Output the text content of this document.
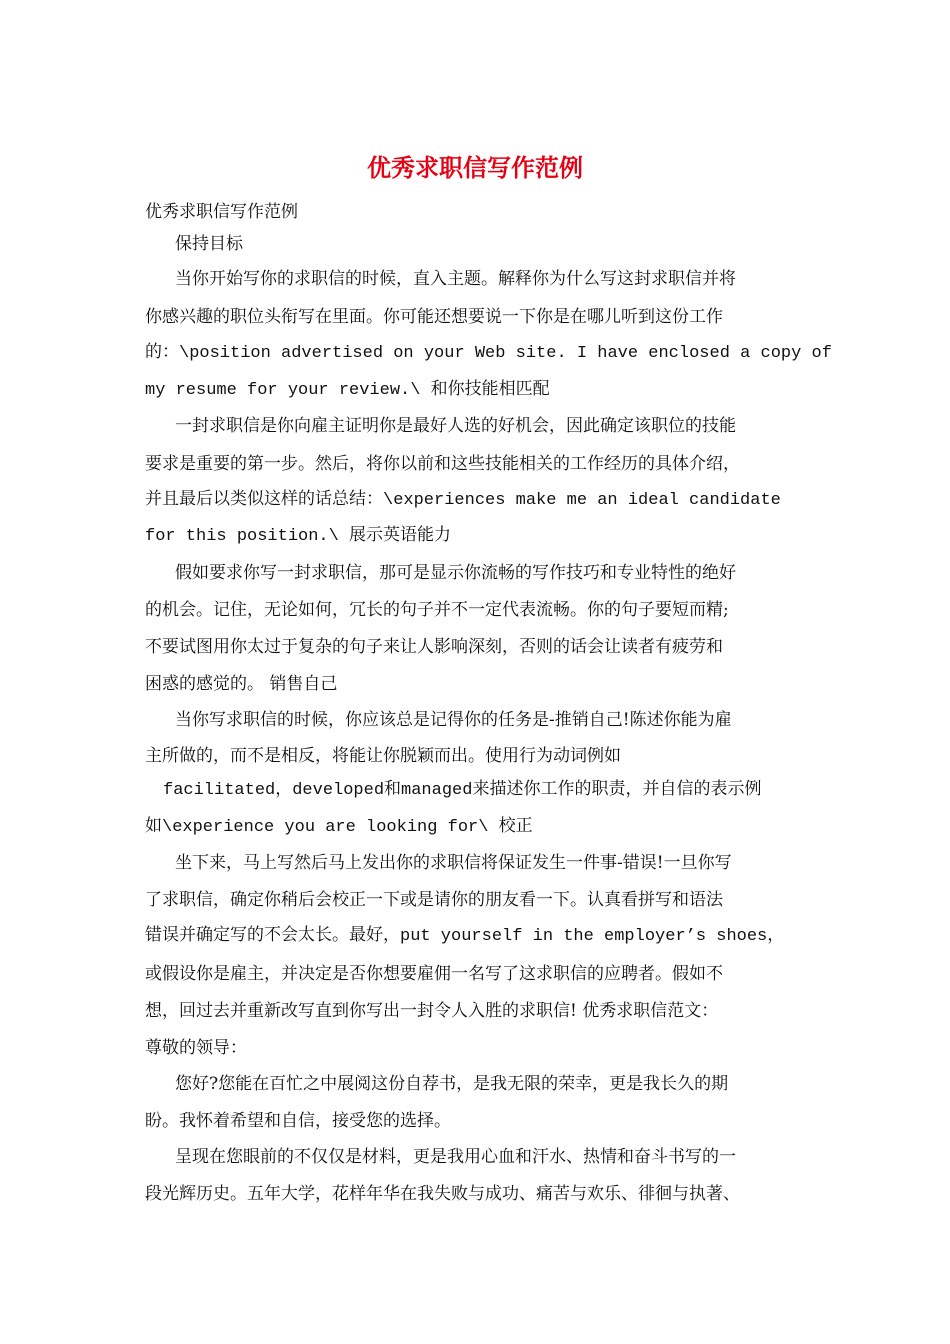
优秀求职信写作范例
优秀求职信写作范例
保持目标
当你开始写你的求职信的时候，直入主题。解释你为什么写这封求职信并将
你感兴趣的职位头衔写在里面。你可能还想要说一下你是在哪儿听到这份工作
的：\position advertised on your Web site. I have enclosed a copy of
my resume for your review.\ 和你技能相匹配
一封求职信是你向雇主证明你是最好人选的好机会，因此确定该职位的技能
要求是重要的第一步。然后，将你以前和这些技能相关的工作经历的具体介绍，
并且最后以类似这样的话总结：\experiences make me an ideal candidate
for this position.\ 展示英语能力
假如要求你写一封求职信，那可是显示你流畅的写作技巧和专业特性的绝好
的机会。记住，无论如何，冗长的句子并不一定代表流畅。你的句子要短而精;
不要试图用你太过于复杂的句子来让人影响深刻，否则的话会让读者有疲劳和
困惑的感觉的。 销售自己
当你写求职信的时候，你应该总是记得你的任务是-推销自己!陈述你能为雇
主所做的，而不是相反，将能让你脱颖而出。使用行为动词例如
facilitated，developed和managed来描述你工作的职责，并自信的表示例
如\experience you are looking for\ 校正
坐下来，马上写然后马上发出你的求职信将保证发生一件事-错误!一旦你写
了求职信，确定你稍后会校正一下或是请你的朋友看一下。认真看拼写和语法
错误并确定写的不会太长。最好，put yourself in the employer’s shoes，
或假设你是雇主，并决定是否你想要雇佣一名写了这求职信的应聘者。假如不
想，回过去并重新改写直到你写出一封令人入胜的求职信! 优秀求职信范文：
尊敬的领导：
您好?您能在百忙之中展阅这份自荐书，是我无限的荣幸，更是我长久的期
盼。我怀着希望和自信，接受您的选择。
呈现在您眼前的不仅仅是材料，更是我用心血和汗水、热情和奋斗书写的一
段光辉历史。五年大学，花样年华在我失败与成功、痛苦与欢乐、徘徊与执著、
